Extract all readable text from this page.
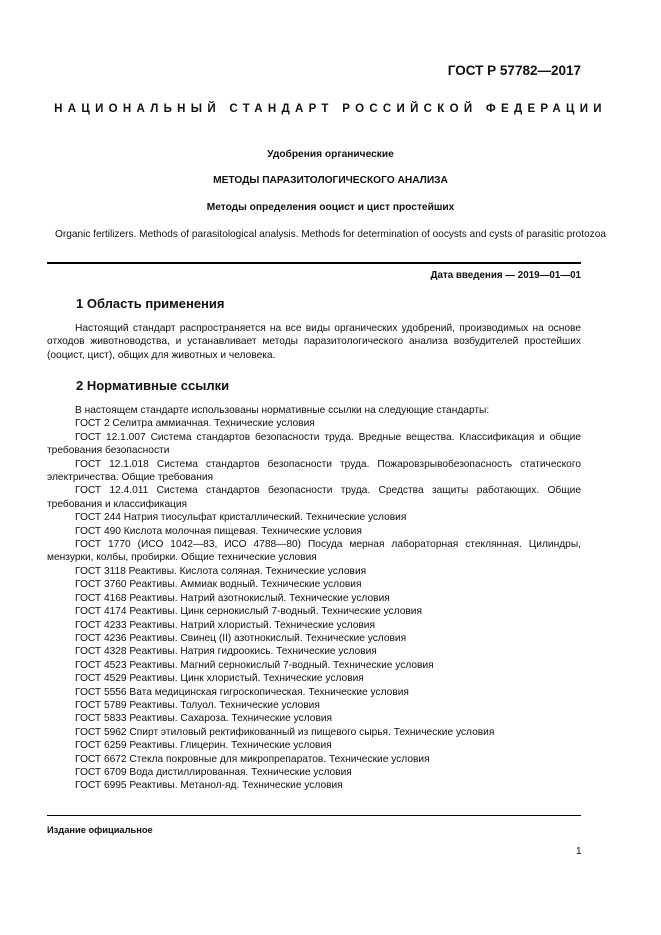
ГОСТ Р 57782—2017
НАЦИОНАЛЬНЫЙ СТАНДАРТ РОССИЙСКОЙ ФЕДЕРАЦИИ
Удобрения органические
МЕТОДЫ ПАРАЗИТОЛОГИЧЕСКОГО АНАЛИЗА
Методы определения ооцист и цист простейших
Organic fertilizers. Methods of parasitological analysis. Methods for determination of oocysts and cysts of parasitic protozoa
Дата введения — 2019—01—01
1 Область применения
Настоящий стандарт распространяется на все виды органических удобрений, производимых на основе отходов животноводства, и устанавливает методы паразитологического анализа возбудителей простейших (ооцист, цист), общих для животных и человека.
2 Нормативные ссылки
В настоящем стандарте использованы нормативные ссылки на следующие стандарты:
ГОСТ 2 Селитра аммиачная. Технические условия
ГОСТ 12.1.007 Система стандартов безопасности труда. Вредные вещества. Классификация и общие требования безопасности
ГОСТ 12.1.018 Система стандартов безопасности труда. Пожаровзрывобезопасность статического электричества. Общие требования
ГОСТ 12.4.011 Система стандартов безопасности труда. Средства защиты работающих. Общие требования и классификация
ГОСТ 244 Натрия тиосульфат кристаллический. Технические условия
ГОСТ 490 Кислота молочная пищевая. Технические условия
ГОСТ 1770 (ИСО 1042—83, ИСО 4788—80) Посуда мерная лабораторная стеклянная. Цилиндры, мензурки, колбы, пробирки. Общие технические условия
ГОСТ 3118 Реактивы. Кислота соляная. Технические условия
ГОСТ 3760 Реактивы. Аммиак водный. Технические условия
ГОСТ 4168 Реактивы. Натрий азотнокислый. Технические условия
ГОСТ 4174 Реактивы. Цинк сернокислый 7-водный. Технические условия
ГОСТ 4233 Реактивы. Натрий хлористый. Технические условия
ГОСТ 4236 Реактивы. Свинец (II) азотнокислый. Технические условия
ГОСТ 4328 Реактивы. Натрия гидроокись. Технические условия
ГОСТ 4523 Реактивы. Магний сернокислый 7-водный. Технические условия
ГОСТ 4529 Реактивы. Цинк хлористый. Технические условия
ГОСТ 5556 Вата медицинская гигроскопическая. Технические условия
ГОСТ 5789 Реактивы. Толуол. Технические условия
ГОСТ 5833 Реактивы. Сахароза. Технические условия
ГОСТ 5962 Спирт этиловый ректификованный из пищевого сырья. Технические условия
ГОСТ 6259 Реактивы. Глицерин. Технические условия
ГОСТ 6672 Стекла покровные для микропрепаратов. Технические условия
ГОСТ 6709 Вода дистиллированная. Технические условия
ГОСТ 6995 Реактивы. Метанол-яд. Технические условия
Издание официальное
1
